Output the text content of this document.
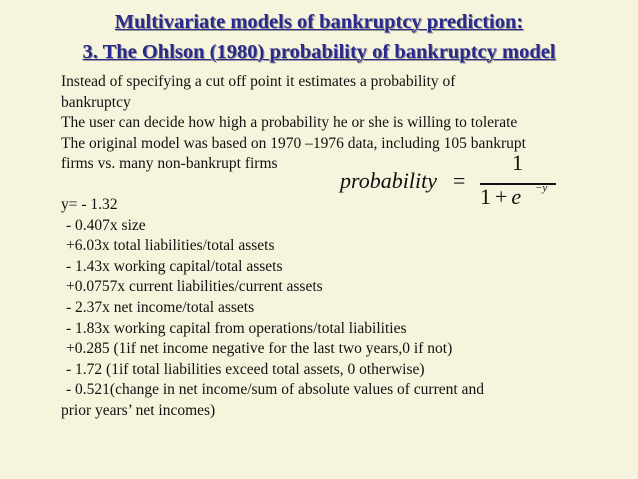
Multivariate models of bankruptcy prediction:
3. The Ohlson (1980) probability of bankruptcy model
Instead of specifying a cut off point it estimates a probability of
bankruptcy
The user can decide how high a probability he or she is willing to tolerate
The original model was based on 1970 –1976 data, including 105 bankrupt
firms vs. many non-bankrupt firms
y= - 1.32
- 0.407x size
+6.03x total liabilities/total assets
- 1.43x working capital/total assets
+0.0757x current liabilities/current assets
- 2.37x net income/total assets
- 1.83x working capital from operations/total liabilities
+0.285 (1if net income negative for the last two years,0 if not)
- 1.72 (1if total liabilities exceed total assets, 0 otherwise)
- 0.521(change in net income/sum of absolute values of current and
prior years’ net incomes)
probability =
1
1 + e −y
